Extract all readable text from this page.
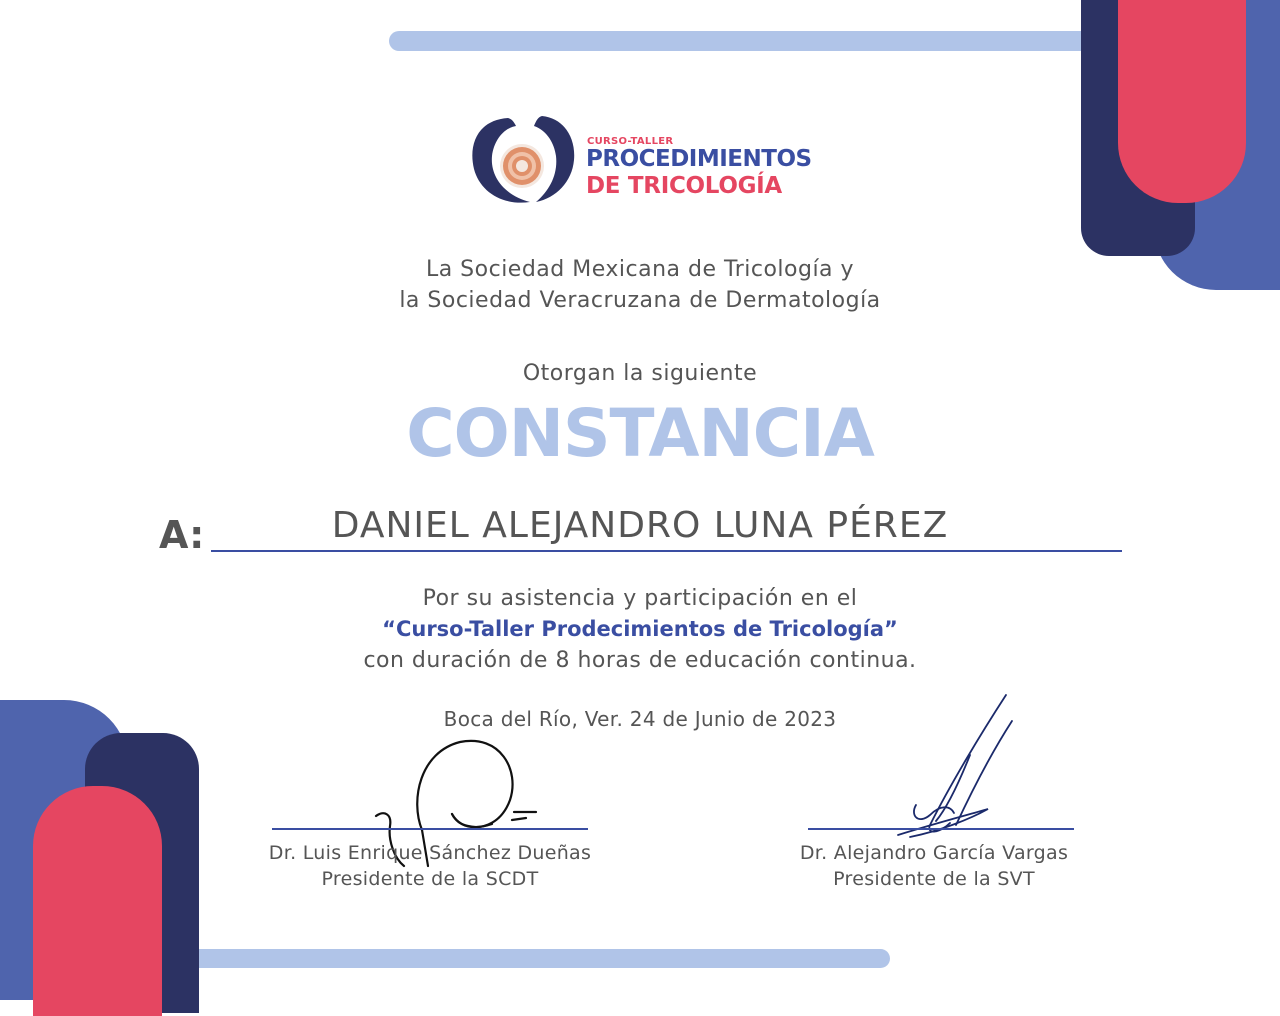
CURSO-TALLER
PROCEDIMIENTOS
DE TRICOLOGÍA
La Sociedad Mexicana de Tricología y
la Sociedad Veracruzana de Dermatología
Otorgan la siguiente
CONSTANCIA
A:	DANIEL ALEJANDRO LUNA PÉREZ
Por su asistencia y participación en el
“Curso-Taller Prodecimientos de Tricología”
con duración de 8 horas de educación continua.
Boca del Río, Ver. 24 de Junio de 2023
Dr. Luis Enrique Sánchez Dueñas
Presidente de la SCDT
Dr. Alejandro García Vargas
Presidente de la SVT
